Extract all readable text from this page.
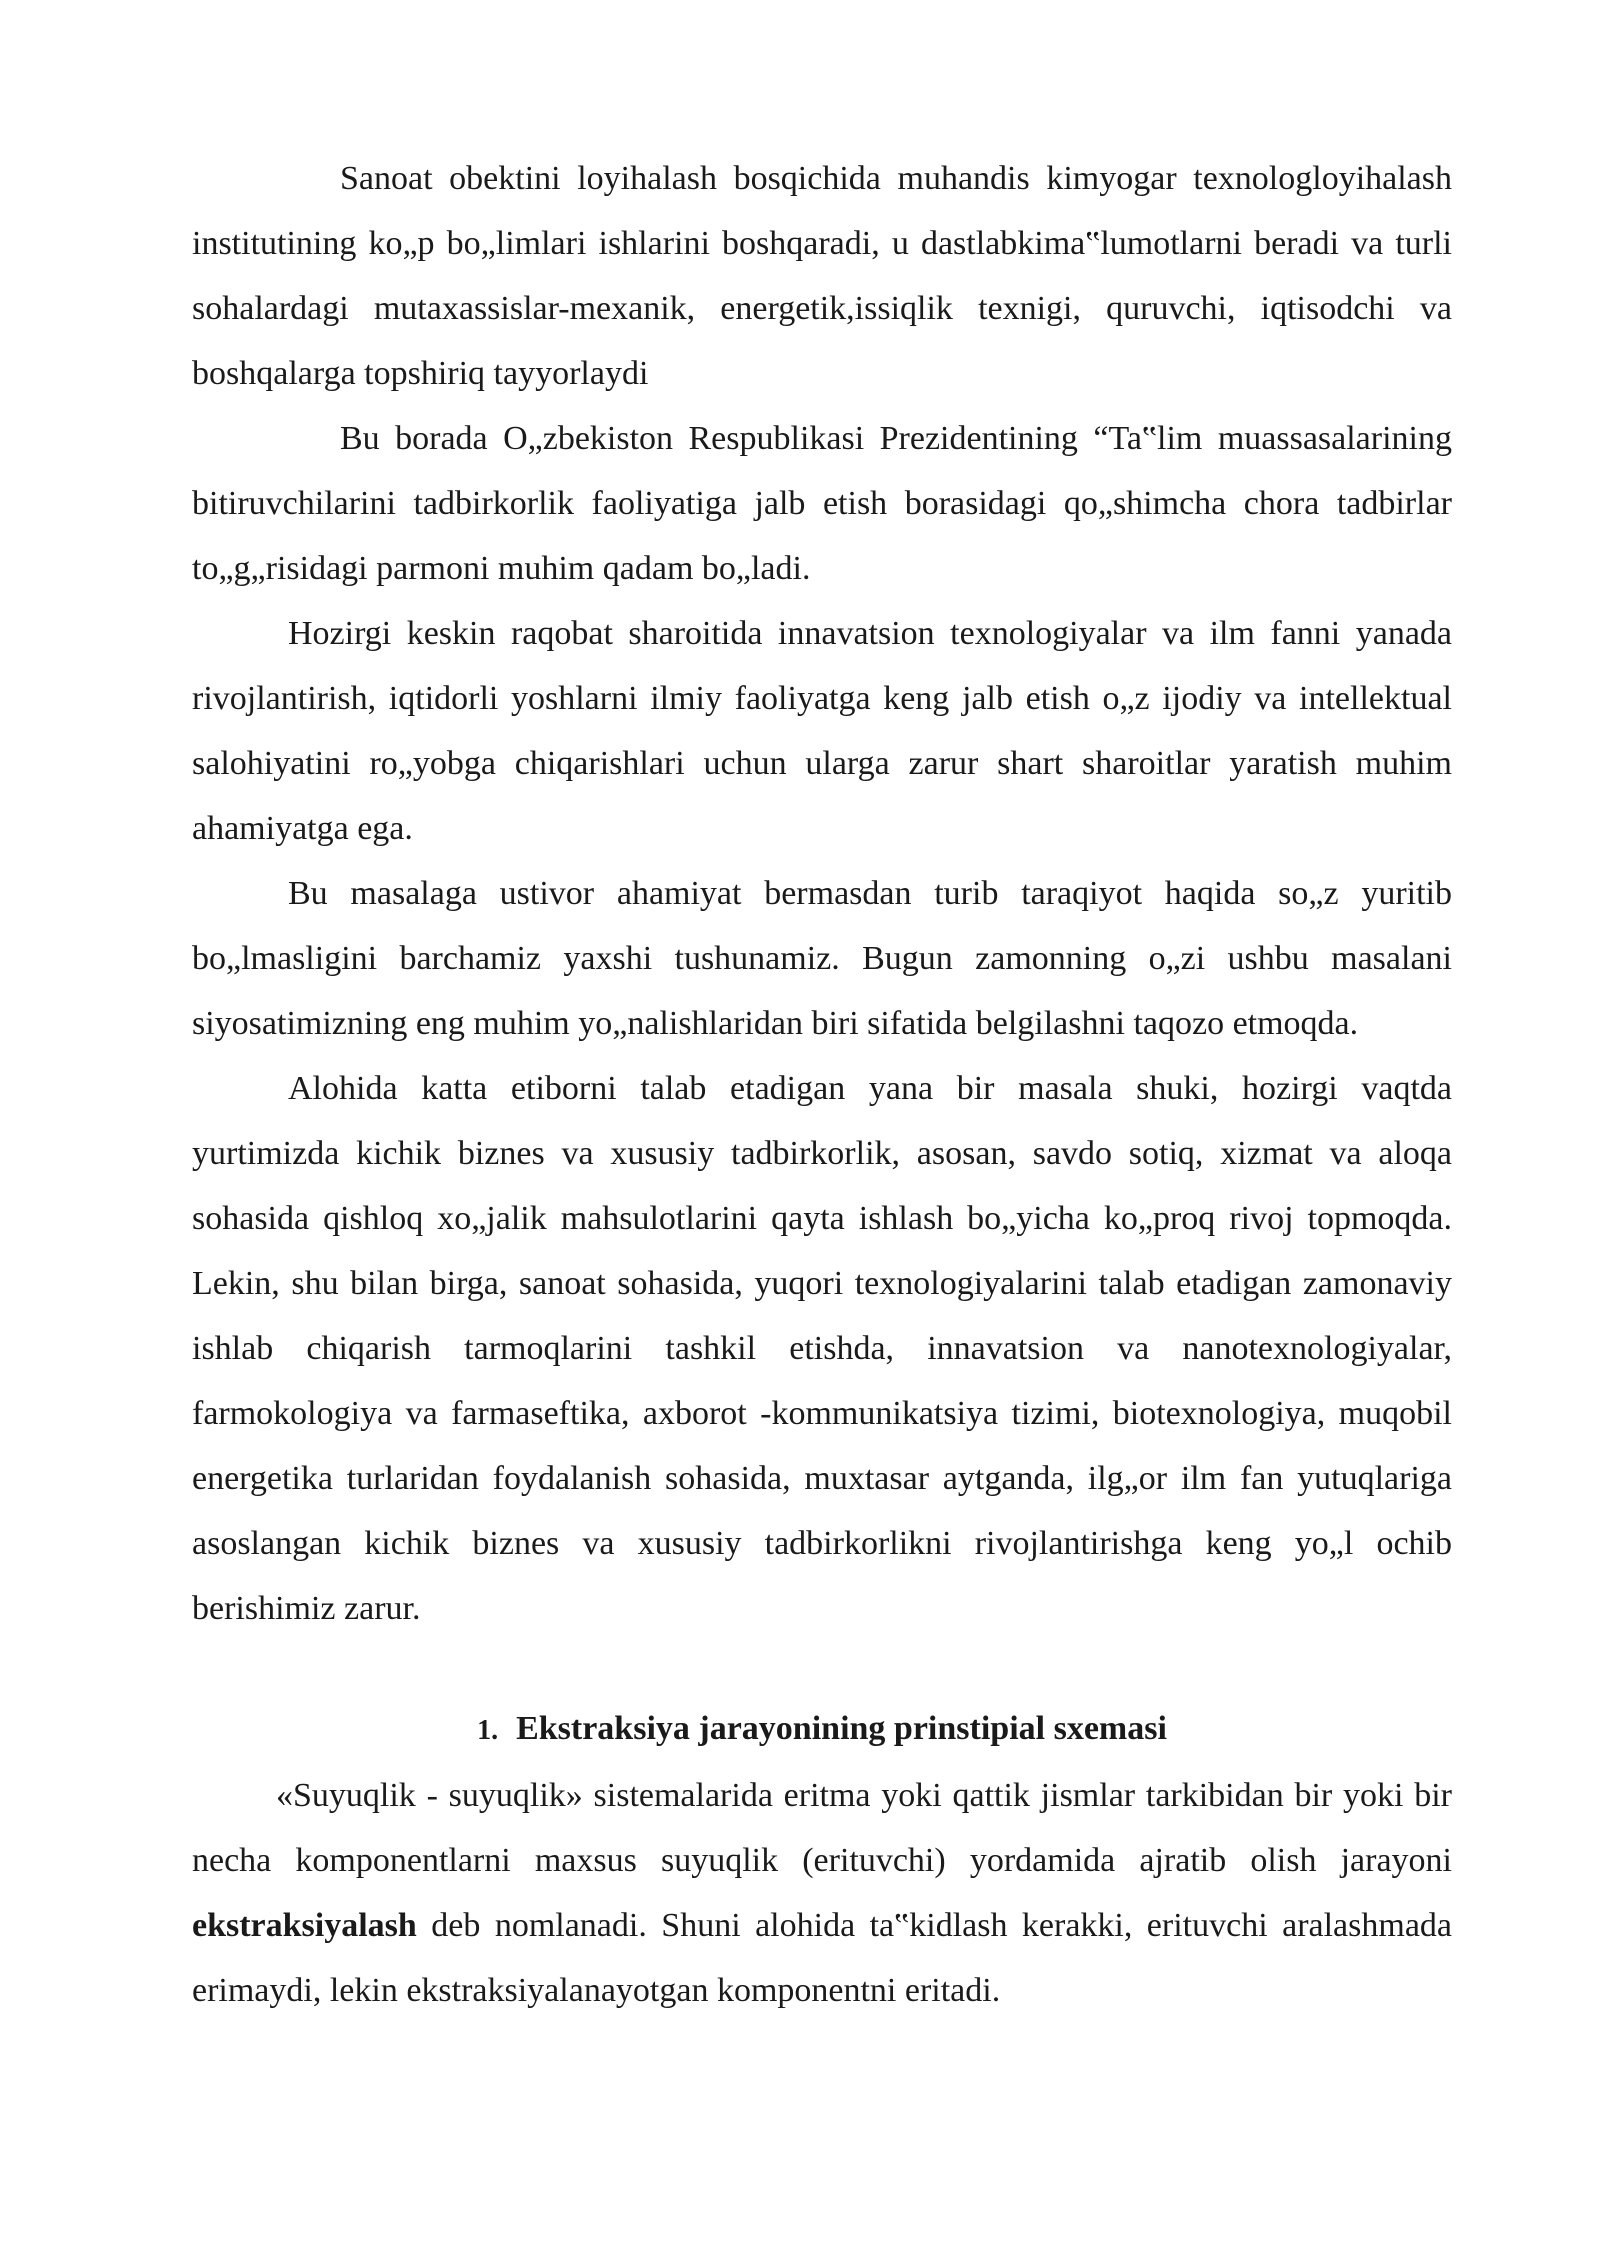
Sanoat obektini loyihalash bosqichida muhandis kimyogar texnologloyihalash institutining ko„p bo„limlari ishlarini boshqaradi, u dastlabkima‟lumotlarni beradi va turli sohalardagi mutaxassislar-mexanik, energetik,issiqlik texnigi, quruvchi, iqtisodchi va boshqalarga topshiriq tayyorlaydi

Bu borada O„zbekiston Respublikasi Prezidentining “Ta‟lim muassasalarining bitiruvchilarini tadbirkorlik faoliyatiga jalb etish borasidagi qo„shimcha chora tadbirlar to„g„risidagi parmoni muhim qadam bo„ladi.

Hozirgi keskin raqobat sharoitida innavatsion texnologiyalar va ilm fanni yanada rivojlantirish, iqtidorli yoshlarni ilmiy faoliyatga keng jalb etish o„z ijodiy va intellektual salohiyatini ro„yobga chiqarishlari uchun ularga zarur shart sharoitlar yaratish muhim ahamiyatga ega.

Bu masalaga ustivor ahamiyat bermasdan turib taraqiyot haqida so„z yuritib bo„lmasligini barchamiz yaxshi tushunamiz. Bugun zamonning o„zi ushbu masalani siyosatimizning eng muhim yo„nalishlaridan biri sifatida belgilashni taqozo etmoqda.

Alohida katta etiborni talab etadigan yana bir masala shuki, hozirgi vaqtda yurtimizda kichik biznes va xususiy tadbirkorlik, asosan, savdo sotiq, xizmat va aloqa sohasida qishloq xo„jalik mahsulotlarini qayta ishlash bo„yicha ko„proq rivoj topmoqda. Lekin, shu bilan birga, sanoat sohasida, yuqori texnologiyalarini talab etadigan zamonaviy ishlab chiqarish tarmoqlarini tashkil etishda, innavatsion va nanotexnologiyalar, farmokologiya va farmaseftika, axborot -kommunikatsiya tizimi, biotexnologiya, muqobil energetika turlaridan foydalanish sohasida, muxtasar aytganda, ilg„or ilm fan yutuqlariga asoslangan kichik biznes va xususiy tadbirkorlikni rivojlantirishga keng yo„l ochib berishimiz zarur.

1. Ekstraksiya jarayonining prinstipial sxemasi

«Suyuqlik - suyuqlik» sistemalarida eritma yoki qattik jismlar tarkibidan bir yoki bir necha komponentlarni maxsus suyuqlik (erituvchi) yordamida ajratib olish jarayoni ekstraksiyalash deb nomlanadi. Shuni alohida ta‟kidlash kerakki, erituvchi aralashmada erimaydi, lekin ekstraksiyalanayotgan komponentni eritadi.
